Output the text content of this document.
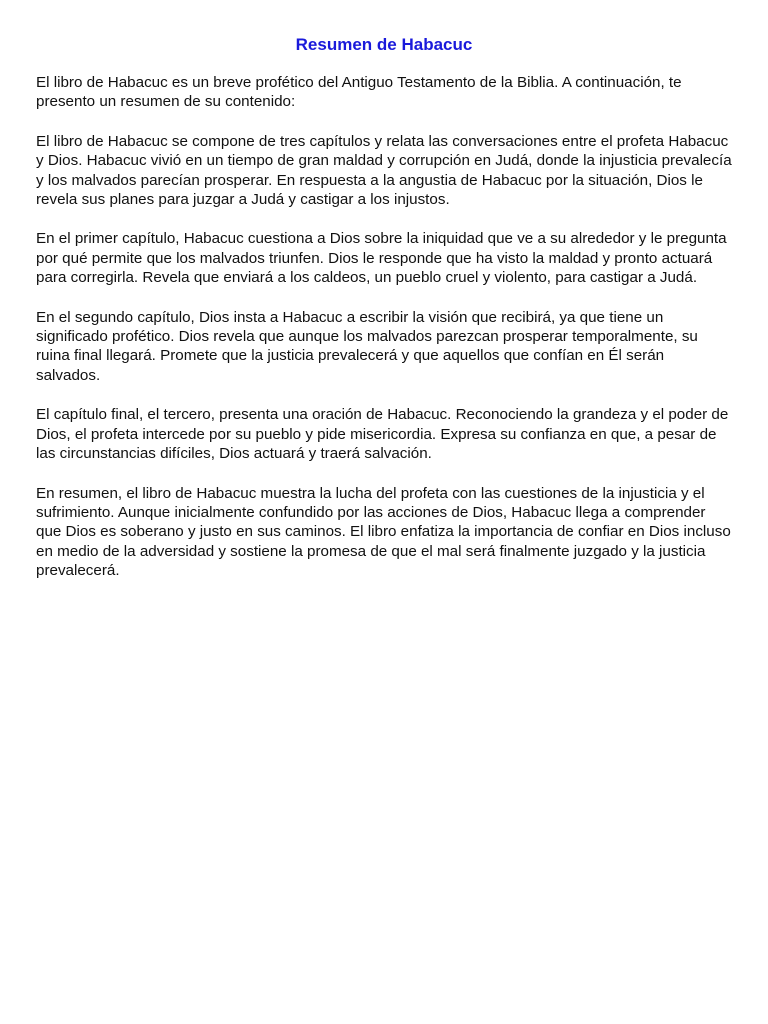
Resumen de Habacuc

El libro de Habacuc es un breve profético del Antiguo Testamento de la Biblia. A continuación, te presento un resumen de su contenido:

El libro de Habacuc se compone de tres capítulos y relata las conversaciones entre el profeta Habacuc y Dios. Habacuc vivió en un tiempo de gran maldad y corrupción en Judá, donde la injusticia prevalecía y los malvados parecían prosperar. En respuesta a la angustia de Habacuc por la situación, Dios le revela sus planes para juzgar a Judá y castigar a los injustos.

En el primer capítulo, Habacuc cuestiona a Dios sobre la iniquidad que ve a su alrededor y le pregunta por qué permite que los malvados triunfen. Dios le responde que ha visto la maldad y pronto actuará para corregirla. Revela que enviará a los caldeos, un pueblo cruel y violento, para castigar a Judá.

En el segundo capítulo, Dios insta a Habacuc a escribir la visión que recibirá, ya que tiene un significado profético. Dios revela que aunque los malvados parezcan prosperar temporalmente, su ruina final llegará. Promete que la justicia prevalecerá y que aquellos que confían en Él serán salvados.

El capítulo final, el tercero, presenta una oración de Habacuc. Reconociendo la grandeza y el poder de Dios, el profeta intercede por su pueblo y pide misericordia. Expresa su confianza en que, a pesar de las circunstancias difíciles, Dios actuará y traerá salvación.

En resumen, el libro de Habacuc muestra la lucha del profeta con las cuestiones de la injusticia y el sufrimiento. Aunque inicialmente confundido por las acciones de Dios, Habacuc llega a comprender que Dios es soberano y justo en sus caminos. El libro enfatiza la importancia de confiar en Dios incluso en medio de la adversidad y sostiene la promesa de que el mal será finalmente juzgado y la justicia prevalecerá.
